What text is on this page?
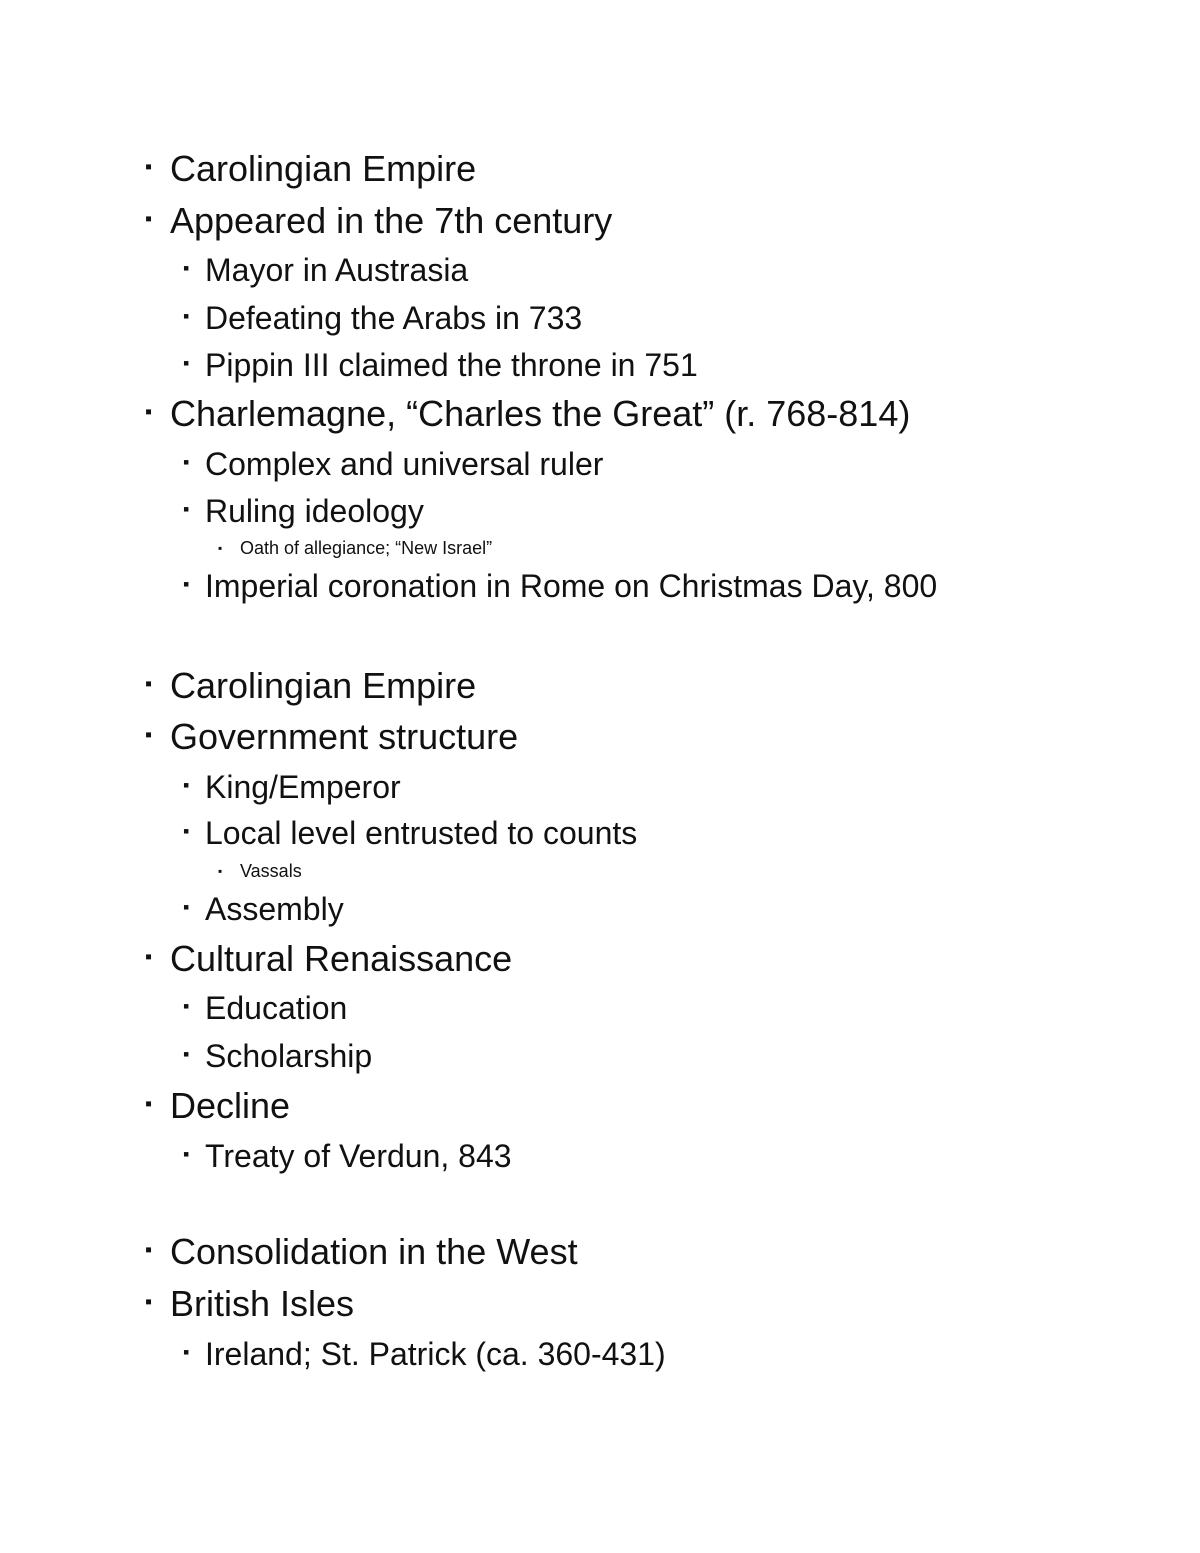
▪ Carolingian Empire
▪ Appeared in the 7th century
▪ Mayor in Austrasia
▪ Defeating the Arabs in 733
▪ Pippin III claimed the throne in 751
▪ Charlemagne, “Charles the Great” (r. 768-814)
▪ Complex and universal ruler
▪ Ruling ideology
▪ Oath of allegiance; “New Israel”
▪ Imperial coronation in Rome on Christmas Day, 800
▪ Carolingian Empire
▪ Government structure
▪ King/Emperor
▪ Local level entrusted to counts
▪ Vassals
▪ Assembly
▪ Cultural Renaissance
▪ Education
▪ Scholarship
▪ Decline
▪ Treaty of Verdun, 843
▪ Consolidation in the West
▪ British Isles
▪ Ireland; St. Patrick (ca. 360-431)
